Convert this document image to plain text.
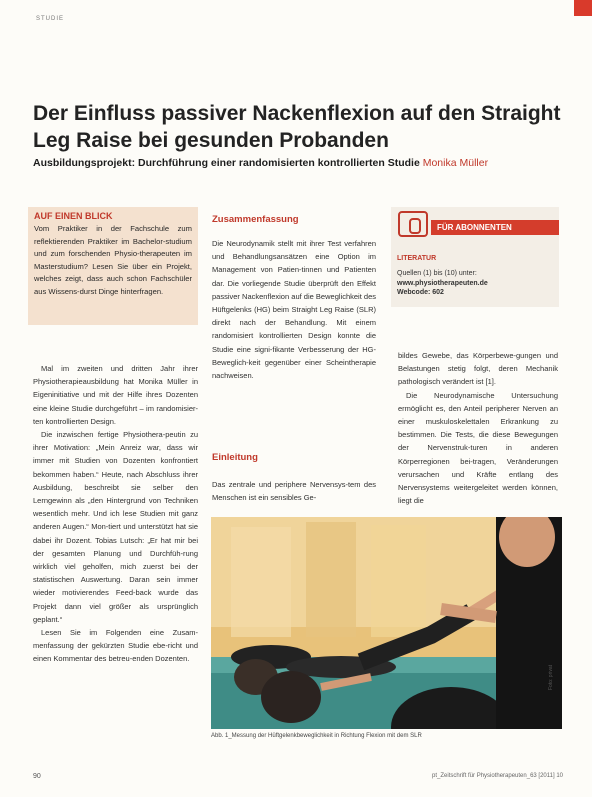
STUDIE
Der Einfluss passiver Nackenflexion auf den Straight Leg Raise bei gesunden Probanden
Ausbildungsprojekt: Durchführung einer randomisierten kontrollierten Studie Monika Müller
AUF EINEN BLICK

Vom Praktiker in der Fachschule zum reflektierenden Praktiker im Bachelor-studium und zum forschenden Physio-therapeuten im Masterstudium? Lesen Sie über ein Projekt, welches zeigt, dass auch schon Fachschüler aus Wissens-durst Dinge hinterfragen.

Mal im zweiten und dritten Jahr ihrer Physiotherapieausbildung hat Monika Müller in Eigeninitiative und mit der Hilfe ihres Dozenten eine kleine Studie durchgeführt – im randomisier-ten kontrollierten Design.

Die inzwischen fertige Physiothera-peutin zu ihrer Motivation: „Mein Anreiz war, dass wir immer mit Studien von Dozenten konfrontiert bekommen haben.“ Heute, nach Abschluss ihrer Ausbildung, beschreibt sie selber den Lerngewinn als „den Hintergrund von Techniken wesentlich mehr. Und ich lese Studien mit ganz anderen Augen.“ Mon-tiert und unterstützt hat sie dabei ihr Dozent. Tobias Lutsch: „Er hat mir bei der gesamten Planung und Durchfüh-rung wirklich viel geholfen, mich zuerst bei der statistischen Auswertung. Daran sein immer wieder motivierendes Feed-back wurde das Projekt dann viel größer als ursprünglich geplant.“

Lesen Sie im Folgenden eine Zusam-menfassung der gekürzten Studie ebe-richt und einen Kommentar des betreu-enden Dozenten.

Zusammenfassung

Die Neurodynamik stellt mit ihrer Test verfahren und Behandlungsansätzen eine Option im Management von Patien-tinnen und Patienten dar. Die vorliegende Studie überprüft den Effekt passiver Nackenflexion auf die Beweglichkeit des Hüftgelenks (HG) beim Straight Leg Raise (SLR) direkt nach der Behandlung. Mit einem randomisiert kontrollierten Design konnte die Studie eine signi-fikante Verbesserung der HG-Beweglich-keit gegenüber einer Scheintherapie nachweisen.

Einleitung

Das zentrale und periphere Nervensys-tem des Menschen ist ein sensibles Ge-

bildes Gewebe, das Körperbewe-gungen und Belastungen stetig folgt, deren Mechanik pathologisch verändert ist [1].

Die Neurodynamische Untersuchung ermöglicht es, den Anteil peripherer Nerven an einer muskuloskelettalen Erkrankung zu bestimmen. Die Tests, die diese Bewegungen der Nervenstruk-turen in anderen Körperregionen bei-tragen, Veränderungen verursachen und Kräfte entlang des Nervensystems weitergeleitet werden können, liegt die

FÜR ABONNENTEN
LITERATUR
Quellen (1) bis (10) unter:
www.physiotherapeuten.de
Webcode: 602
Foto: privat
Abb. 1_Messung der Hüftgelenkbeweglichkeit in Richtung Flexion mit dem SLR
90	pt_Zeitschrift für Physiotherapeuten_63 [2011] 10
